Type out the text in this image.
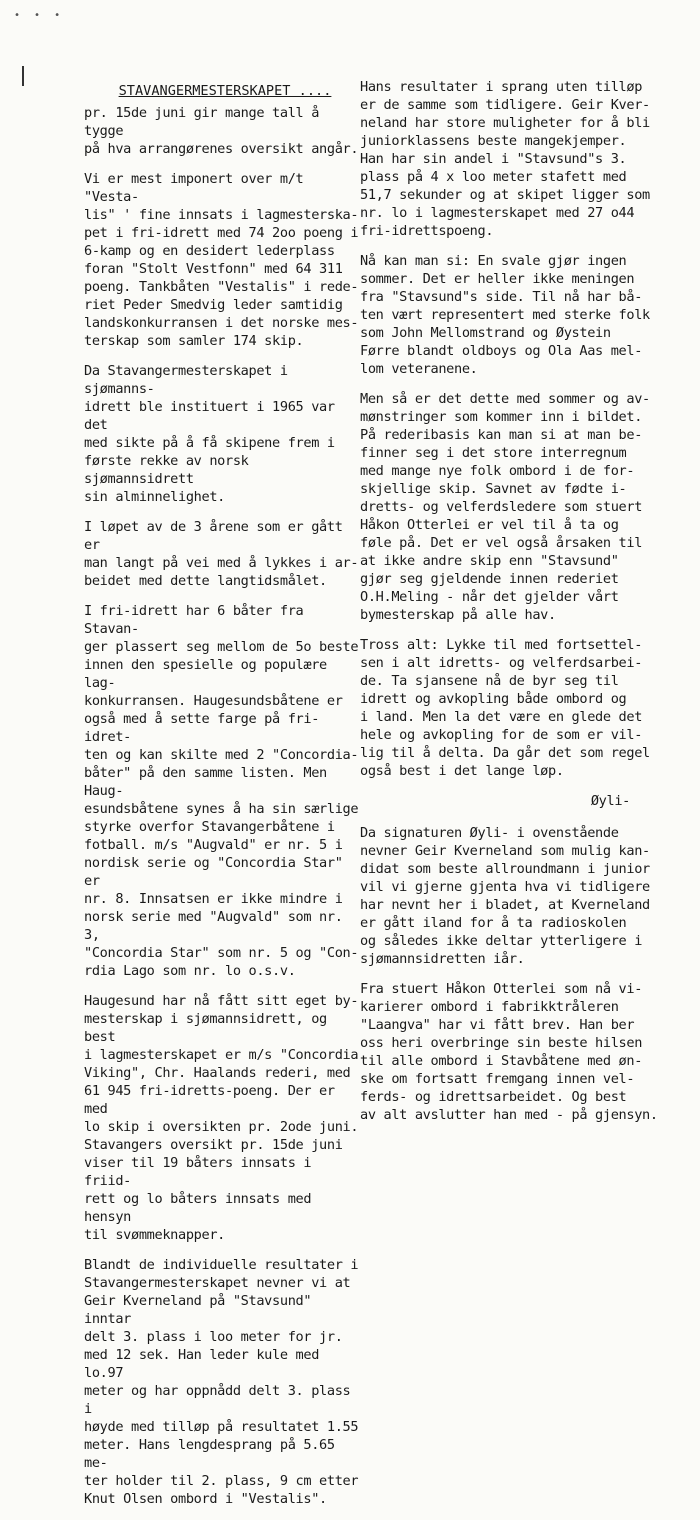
• • •
STAVANGERMESTERSKAPET ....

pr. 15de juni gir mange tall å tygge
på hva arrangørenes oversikt angår.

Vi er mest imponert over m/t "Vesta-
lis" ' fine innsats i lagmesterska-
pet i fri-idrett med 74 2oo poeng i
6-kamp og en desidert lederplass
foran "Stolt Vestfonn" med 64 311
poeng. Tankbåten "Vestalis" i rede-
riet Peder Smedvig leder samtidig
landskonkurransen i det norske mes-
terskap som samler 174 skip.

Da Stavangermesterskapet i sjømanns-
idrett ble instituert i 1965 var det
med sikte på å få skipene frem i
første rekke av norsk sjømannsidrett
sin alminnelighet.

I løpet av de 3 årene som er gått er
man langt på vei med å lykkes i ar-
beidet med dette langtidsmålet.

I fri-idrett har 6 båter fra Stavan-
ger plassert seg mellom de 5o beste
innen den spesielle og populære lag-
konkurransen. Haugesundsbåtene er
også med å sette farge på fri-idret-
ten og kan skilte med 2 "Concordia-
båter" på den samme listen. Men Haug-
esundsbåtene synes å ha sin særlige
styrke overfor Stavangerbåtene i
fotball. m/s "Augvald" er nr. 5 i
nordisk serie og "Concordia Star" er
nr. 8. Innsatsen er ikke mindre i
norsk serie med "Augvald" som nr. 3,
"Concordia Star" som nr. 5 og "Con-
rdia Lago som nr. lo o.s.v.

Haugesund har nå fått sitt eget by-
mesterskap i sjømannsidrett, og best
i lagmesterskapet er m/s "Concordia
Viking", Chr. Haalands rederi, med
61 945 fri-idretts-poeng. Der er med
lo skip i oversikten pr. 2ode juni.
Stavangers oversikt pr. 15de juni
viser til 19 båters innsats i friid-
rett og lo båters innsats med hensyn
til svømmeknapper.

Blandt de individuelle resultater i
Stavangermesterskapet nevner vi at
Geir Kverneland på "Stavsund" inntar
delt 3. plass i loo meter for jr.
med 12 sek. Han leder kule med lo.97
meter og har oppnådd delt 3. plass i
høyde med tilløp på resultatet 1.55
meter. Hans lengdesprang på 5.65 me-
ter holder til 2. plass, 9 cm etter
Knut Olsen ombord i "Vestalis".

Hans resultater i sprang uten tilløp
er de samme som tidligere. Geir Kver-
neland har store muligheter for å bli
juniorklassens beste mangekjemper.
Han har sin andel i "Stavsund"s 3.
plass på 4 x loo meter stafett med
51,7 sekunder og at skipet ligger som
nr. lo i lagmesterskapet med 27 o44
fri-idrettspoeng.

Nå kan man si: En svale gjør ingen
sommer. Det er heller ikke meningen
fra "Stavsund"s side. Til nå har bå-
ten vært representert med sterke folk
som John Mellomstrand og Øystein
Førre blandt oldboys og Ola Aas mel-
lom veteranene.

Men så er det dette med sommer og av-
mønstringer som kommer inn i bildet.
På rederibasis kan man si at man be-
finner seg i det store interregnum
med mange nye folk ombord i de for-
skjellige skip. Savnet av fødte i-
dretts- og velferdsledere som stuert
Håkon Otterlei er vel til å ta og
føle på. Det er vel også årsaken til
at ikke andre skip enn "Stavsund"
gjør seg gjeldende innen rederiet
O.H.Meling - når det gjelder vårt
bymesterskap på alle hav.

Tross alt: Lykke til med fortsettel-
sen i alt idretts- og velferdsarbei-
de. Ta sjansene nå de byr seg til
idrett og avkopling både ombord og
i land. Men la det være en glede det
hele og avkopling for de som er vil-
lig til å delta. Da går det som regel
også best i det lange løp.

Øyli-

Da signaturen Øyli- i ovenstående
nevner Geir Kverneland som mulig kan-
didat som beste allroundmann i junior
vil vi gjerne gjenta hva vi tidligere
har nevnt her i bladet, at Kverneland
er gått iland for å ta radioskolen
og således ikke deltar ytterligere i
sjømannsidretten iår.

Fra stuert Håkon Otterlei som nå vi-
karierer ombord i fabrikktråleren
"Laangva" har vi fått brev. Han ber
oss heri overbringe sin beste hilsen
til alle ombord i Stavbåtene med øn-
ske om fortsatt fremgang innen vel-
ferds- og idrettsarbeidet. Og best
av alt avslutter han med - på gjensyn.
